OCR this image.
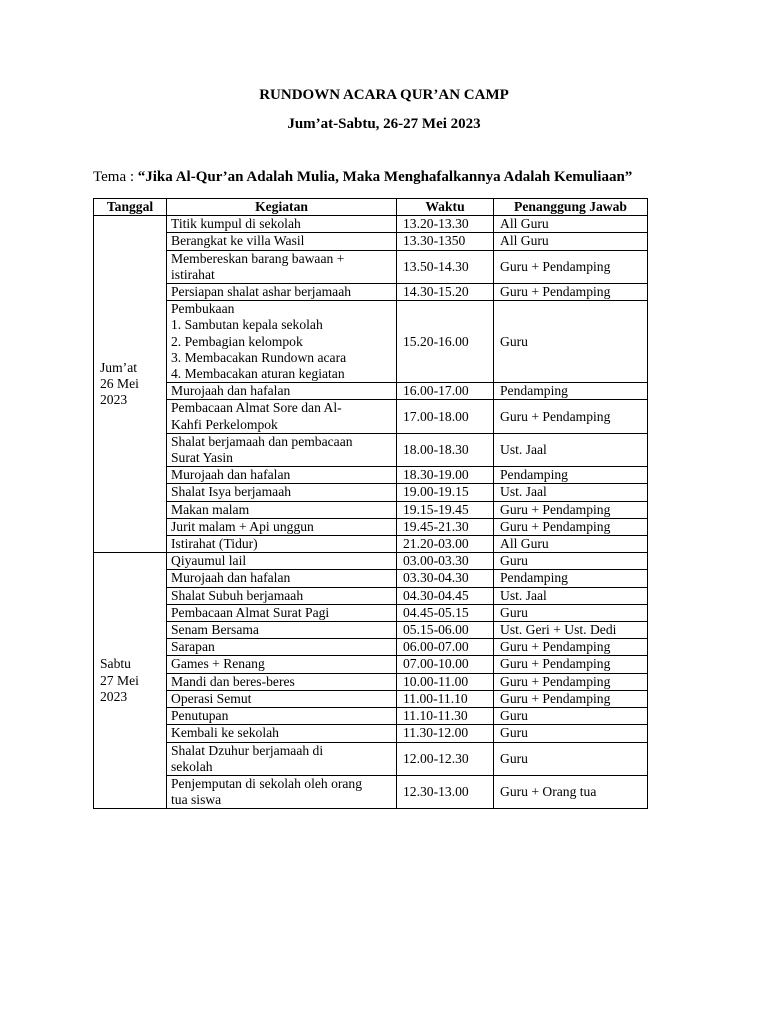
RUNDOWN ACARA QUR’AN CAMP
Jum’at-Sabtu, 26-27 Mei 2023
Tema : “Jika Al-Qur’an Adalah Mulia, Maka Menghafalkannya Adalah Kemuliaan”
Tanggal	Kegiatan	Waktu	Penanggung Jawab
Jum’at
26 Mei
2023	Titik kumpul di sekolah	13.20-13.30	All Guru
	Berangkat ke villa Wasil	13.30-1350	All Guru
	Membereskan barang bawaan +
istirahat	13.50-14.30	Guru + Pendamping
	Persiapan shalat ashar berjamaah	14.30-15.20	Guru + Pendamping
	Pembukaan
1. Sambutan kepala sekolah
2. Pembagian kelompok
3. Membacakan Rundown acara
4. Membacakan aturan kegiatan	15.20-16.00	Guru
	Murojaah dan hafalan	16.00-17.00	Pendamping
	Pembacaan Almat Sore dan Al-
Kahfi Perkelompok	17.00-18.00	Guru + Pendamping
	Shalat berjamaah dan pembacaan
Surat Yasin	18.00-18.30	Ust. Jaal
	Murojaah dan hafalan	18.30-19.00	Pendamping
	Shalat Isya berjamaah	19.00-19.15	Ust. Jaal
	Makan malam	19.15-19.45	Guru + Pendamping
	Jurit malam + Api unggun	19.45-21.30	Guru + Pendamping
	Istirahat (Tidur)	21.20-03.00	All Guru
Sabtu
27 Mei
2023	Qiyaumul lail	03.00-03.30	Guru
	Murojaah dan hafalan	03.30-04.30	Pendamping
	Shalat Subuh berjamaah	04.30-04.45	Ust. Jaal
	Pembacaan Almat Surat Pagi	04.45-05.15	Guru
	Senam Bersama	05.15-06.00	Ust. Geri + Ust. Dedi
	Sarapan	06.00-07.00	Guru + Pendamping
	Games + Renang	07.00-10.00	Guru + Pendamping
	Mandi dan beres-beres	10.00-11.00	Guru + Pendamping
	Operasi Semut	11.00-11.10	Guru + Pendamping
	Penutupan	11.10-11.30	Guru
	Kembali ke sekolah	11.30-12.00	Guru
	Shalat Dzuhur berjamaah di
sekolah	12.00-12.30	Guru
	Penjemputan di sekolah oleh orang
tua siswa	12.30-13.00	Guru + Orang tua
